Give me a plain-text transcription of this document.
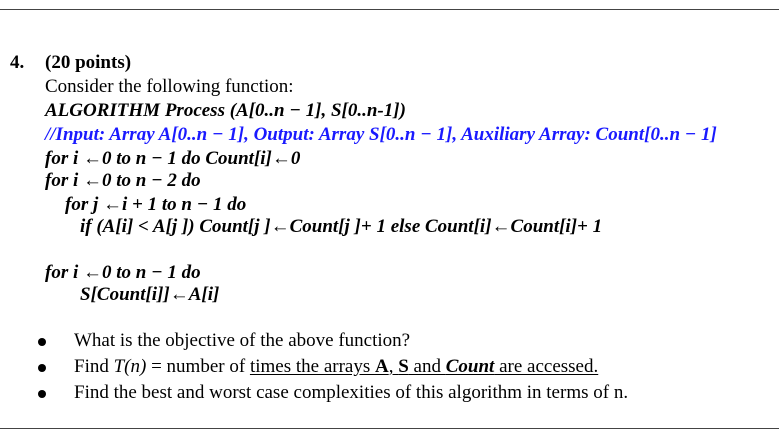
4. (20 points)
Consider the following function:
ALGORITHM Process (A[0..n − 1], S[0..n-1])
//Input: Array A[0..n − 1], Output: Array S[0..n − 1], Auxiliary Array: Count[0..n − 1]
for i ←0 to n − 1 do Count[i]←0
for i ←0 to n − 2 do
for j ←i + 1 to n − 1 do
if (A[i] < A[j ]) Count[j ]←Count[j ]+ 1 else Count[i]←Count[i]+ 1
for i ←0 to n − 1 do
S[Count[i]]←A[i]
What is the objective of the above function?
Find T(n) = number of times the arrays A, S and Count are accessed.
Find the best and worst case complexities of this algorithm in terms of n.
